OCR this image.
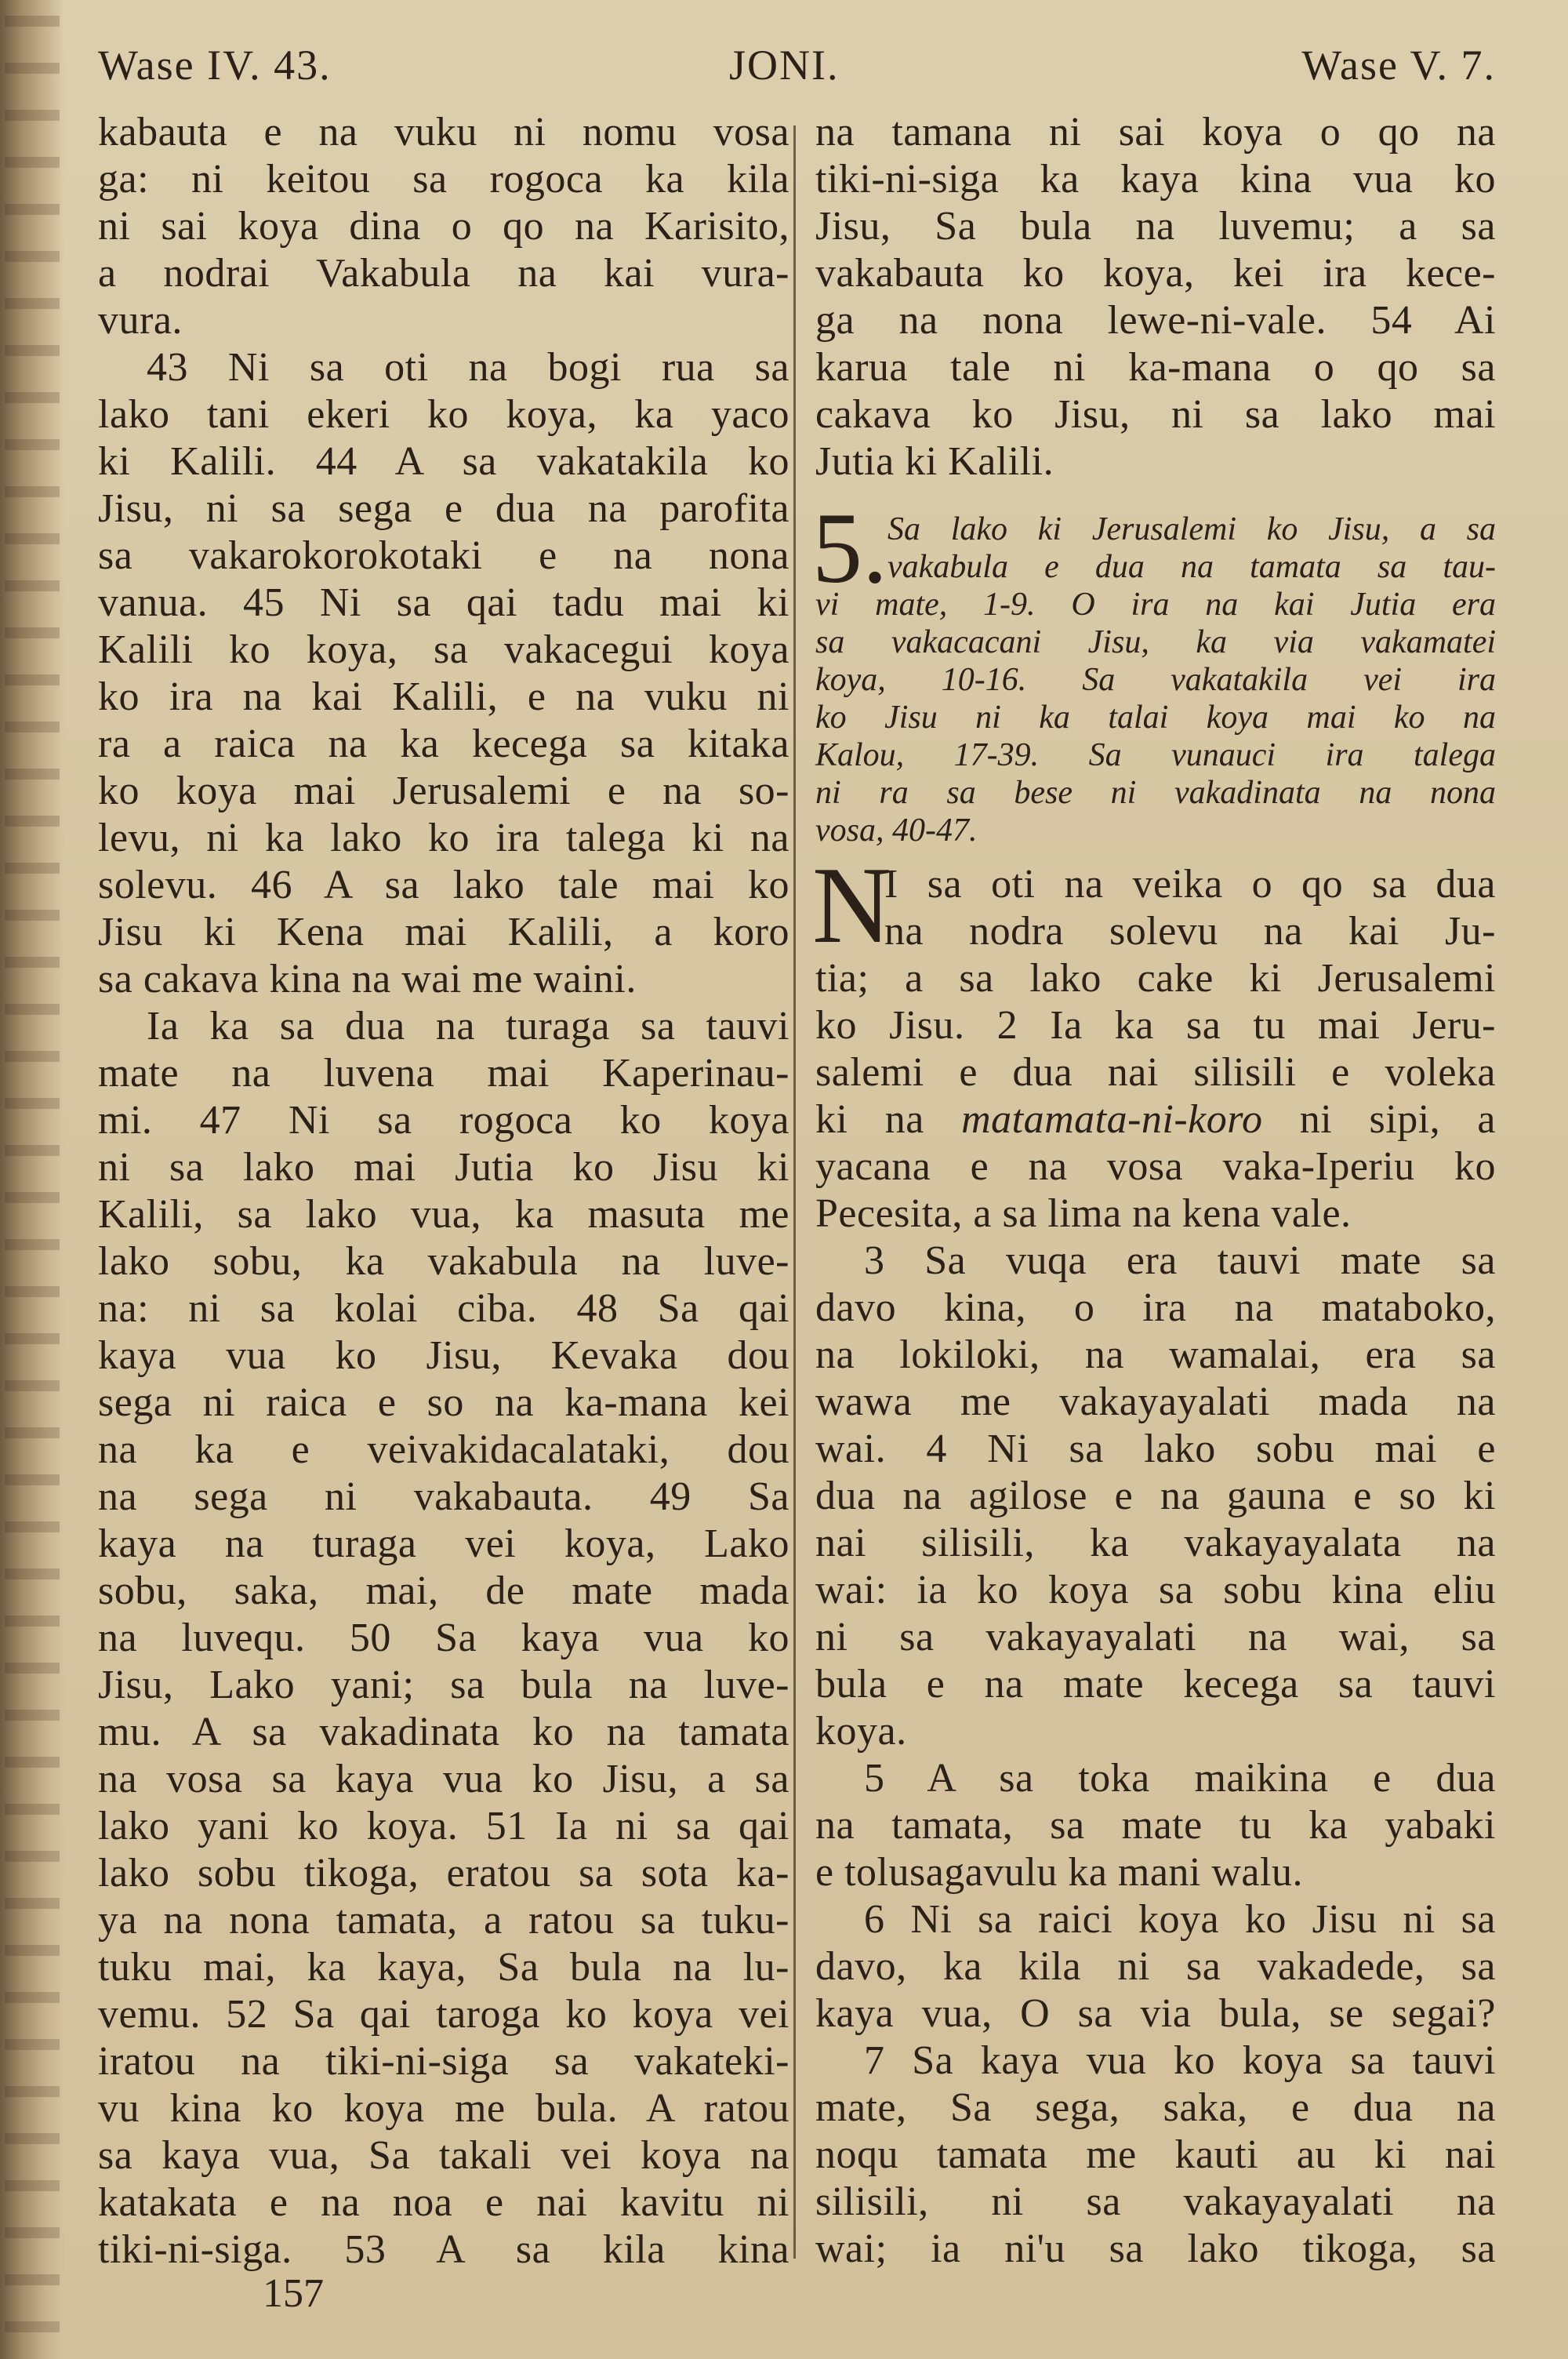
Wase IV. 43.	JONI.	Wase V. 7.
kabauta e na vuku ni nomu vosa
ga: ni keitou sa rogoca ka kila
ni sai koya dina o qo na Karisito,
a nodrai Vakabula na kai vura-
vura.
43 Ni sa oti na bogi rua sa
lako tani ekeri ko koya, ka yaco
ki Kalili. 44 A sa vakatakila ko
Jisu, ni sa sega e dua na parofita
sa vakarokorokotaki e na nona
vanua. 45 Ni sa qai tadu mai ki
Kalili ko koya, sa vakacegui koya
ko ira na kai Kalili, e na vuku ni
ra a raica na ka kecega sa kitaka
ko koya mai Jerusalemi e na so-
levu, ni ka lako ko ira talega ki na
solevu. 46 A sa lako tale mai ko
Jisu ki Kena mai Kalili, a koro
sa cakava kina na wai me waini.
Ia ka sa dua na turaga sa tauvi
mate na luvena mai Kaperinau-
mi. 47 Ni sa rogoca ko koya
ni sa lako mai Jutia ko Jisu ki
Kalili, sa lako vua, ka masuta me
lako sobu, ka vakabula na luve-
na: ni sa kolai ciba. 48 Sa qai
kaya vua ko Jisu, Kevaka dou
sega ni raica e so na ka-mana kei
na ka e veivakidacalataki, dou
na sega ni vakabauta. 49 Sa
kaya na turaga vei koya, Lako
sobu, saka, mai, de mate mada
na luvequ. 50 Sa kaya vua ko
Jisu, Lako yani; sa bula na luve-
mu. A sa vakadinata ko na tamata
na vosa sa kaya vua ko Jisu, a sa
lako yani ko koya. 51 Ia ni sa qai
lako sobu tikoga, eratou sa sota ka-
ya na nona tamata, a ratou sa tuku-
tuku mai, ka kaya, Sa bula na lu-
vemu. 52 Sa qai taroga ko koya vei
iratou na tiki-ni-siga sa vakateki-
vu kina ko koya me bula. A ratou
sa kaya vua, Sa takali vei koya na
katakata e na noa e nai kavitu ni
tiki-ni-siga. 53 A sa kila kina
na tamana ni sai koya o qo na
tiki-ni-siga ka kaya kina vua ko
Jisu, Sa bula na luvemu; a sa
vakabauta ko koya, kei ira kece-
ga na nona lewe-ni-vale. 54 Ai
karua tale ni ka-mana o qo sa
cakava ko Jisu, ni sa lako mai
Jutia ki Kalili.
5. Sa lako ki Jerusalemi ko Jisu, a sa
vakabula e dua na tamata sa tau-
vi mate, 1-9. O ira na kai Jutia era
sa vakacacani Jisu, ka via vakamatei
koya, 10-16. Sa vakatakila vei ira
ko Jisu ni ka talai koya mai ko na
Kalou, 17-39. Sa vunauci ira talega
ni ra sa bese ni vakadinata na nona
vosa, 40-47.
N
I sa oti na veika o qo sa dua
na nodra solevu na kai Ju-
tia; a sa lako cake ki Jerusalemi
ko Jisu. 2 Ia ka sa tu mai Jeru-
salemi e dua nai silisili e voleka
ki na matamata-ni-koro ni sipi, a
yacana e na vosa vaka-Iperiu ko
Pecesita, a sa lima na kena vale.
3 Sa vuqa era tauvi mate sa
davo kina, o ira na mataboko,
na lokiloki, na wamalai, era sa
wawa me vakayayalati mada na
wai. 4 Ni sa lako sobu mai e
dua na agilose e na gauna e so ki
nai silisili, ka vakayayalata na
wai: ia ko koya sa sobu kina eliu
ni sa vakayayalati na wai, sa
bula e na mate kecega sa tauvi
koya.
5 A sa toka maikina e dua
na tamata, sa mate tu ka yabaki
e tolusagavulu ka mani walu.
6 Ni sa raici koya ko Jisu ni sa
davo, ka kila ni sa vakadede, sa
kaya vua, O sa via bula, se segai?
7 Sa kaya vua ko koya sa tauvi
mate, Sa sega, saka, e dua na
noqu tamata me kauti au ki nai
silisili, ni sa vakayayalati na
wai; ia ni'u sa lako tikoga, sa
157
